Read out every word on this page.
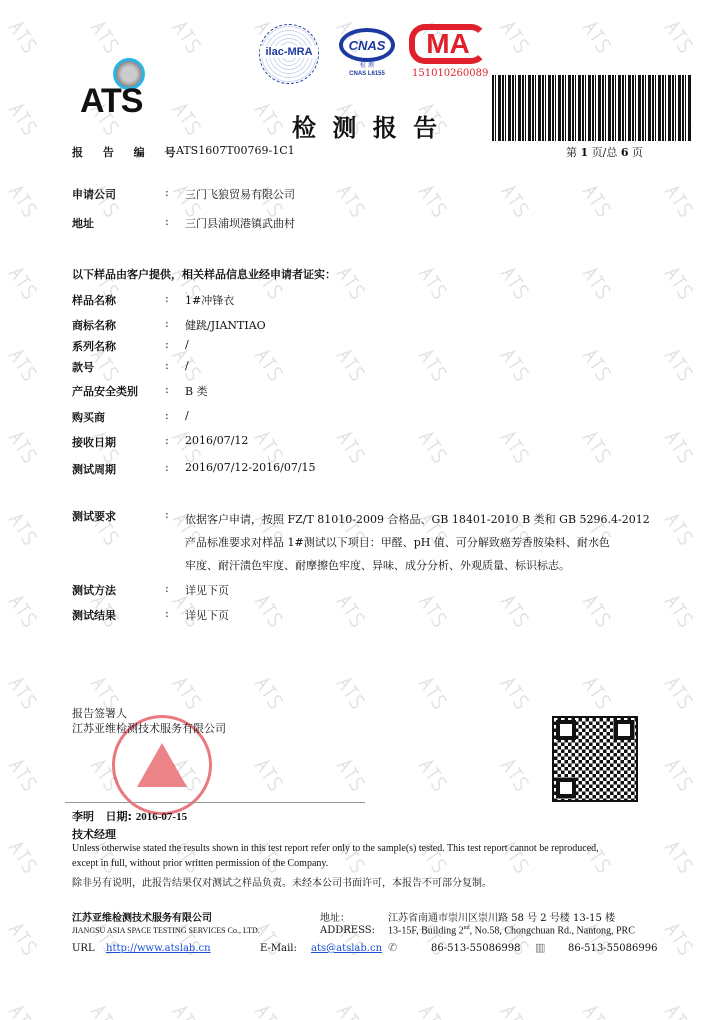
ATS
ilac-MRA	CNAS
检 测
CNAS L6155
MA
151010260089
检 测 报 告
报 告 编 号
ATS1607T00769-1C1	第 1 页/总 6 页
申请公司	: 三门飞狼贸易有限公司
地址	: 三门县浦坝港镇武曲村
样品名称	: 1#冲锋衣
商标名称	: 健跳/JIANTIAO
系列名称	: /
款号	: /
产品安全类别 : B 类
购买商	: /
接收日期	: 2016/07/12
测试周期	: 2016/07/12-2016/07/15
以下样品由客户提供，相关样品信息业经申请者证实：
测试要求	: 依据客户申请，按照 FZ/T 81010-2009 合格品、GB 18401-2010 B 类和 GB 5296.4-2012
产品标准要求对样品 1#测试以下项目：甲醛、pH 值、可分解致癌芳香胺染料、耐水色
牢度、耐汗渍色牢度、耐摩擦色牢度、异味、成分分析、外观质量、标识标志。
测试方法	: 详见下页
测试结果	: 详见下页
报告签署人
江苏亚维检测技术服务有限公司
李明 日期: 2016-07-15
技术经理
Unless otherwise stated the results shown in this test report refer only to the sample(s) tested. This test report cannot be reproduced,
except in full, without prior written permission of the Company.
除非另有说明，此报告结果仅对测试之样品负责。未经本公司书面许可，本报告不可部分复制。
江苏亚维检测技术服务有限公司
JIANGSU ASIA SPACE TESTING SERVICES Co., LTD.
地址：	江苏省南通市崇川区崇川路 58 号 2 号楼 13-15 楼
ADDRESS: 13-15F, Building 2nd, No.58, Chongchuan Rd., Nantong, PRC
URL http://www.atslab.cn	E-Mail: ats@atslab.cn ✆	86-513-55086998 ▥ 86-513-55086996
